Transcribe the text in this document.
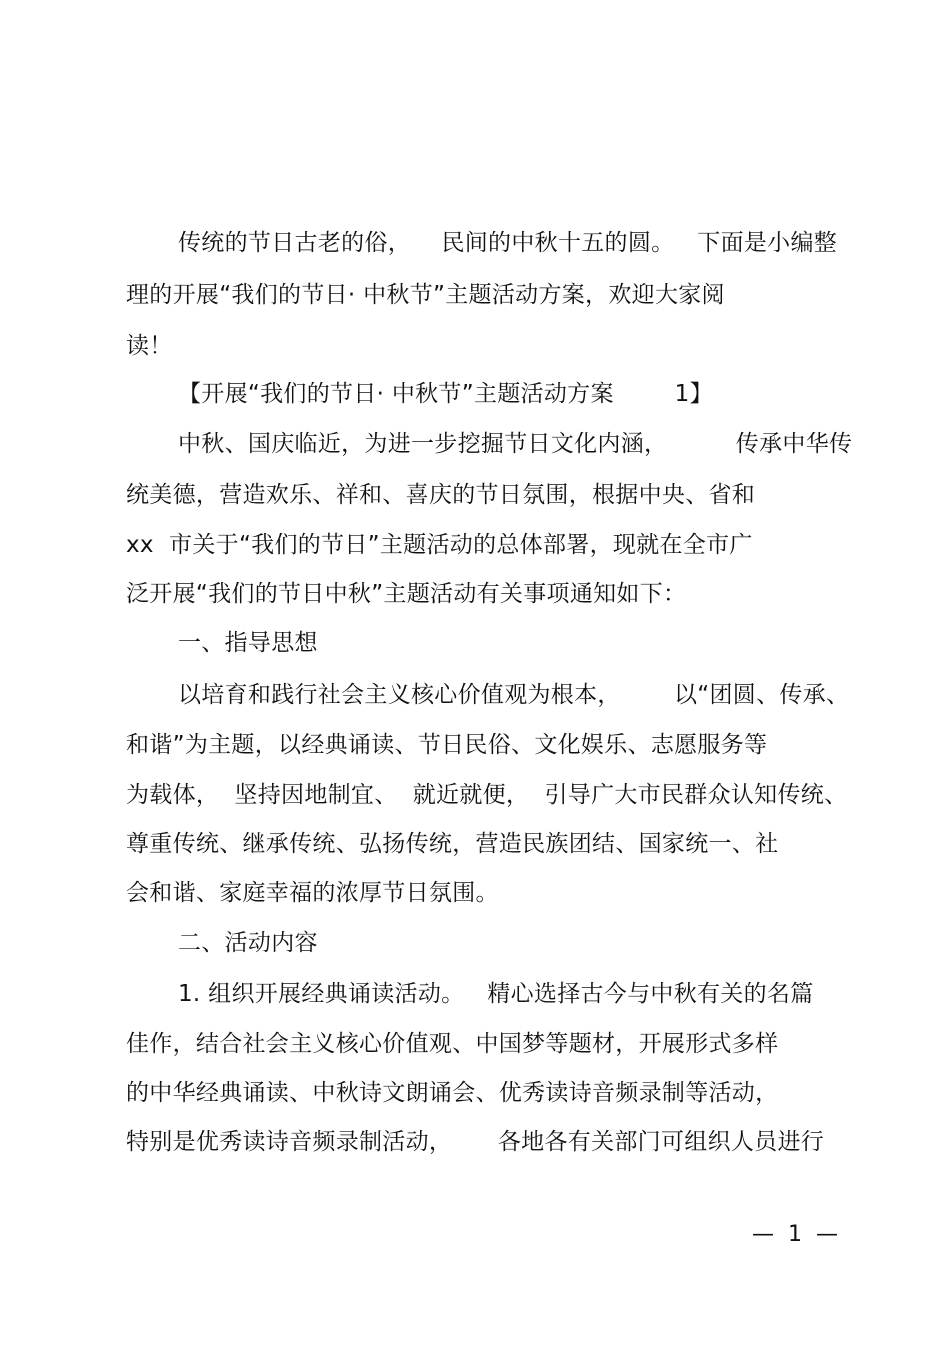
传统的节日古老的俗，    民间的中秋十五的圆。   下面是小编整
理的开展“我们的节日· 中秋节”主题活动方案，欢迎大家阅
读！
【开展“我们的节日· 中秋节”主题活动方案        1】
中秋、国庆临近，为进一步挖掘节日文化内涵，         传承中华传
统美德，营造欢乐、祥和、喜庆的节日氛围，根据中央、省和
xx  市关于“我们的节日”主题活动的总体部署，现就在全市广
泛开展“我们的节日中秋”主题活动有关事项通知如下：
一、指导思想
以培育和践行社会主义核心价值观为根本，       以“团圆、传承、
和谐”为主题，以经典诵读、节日民俗、文化娱乐、志愿服务等
为载体，  坚持因地制宜、  就近就便，  引导广大市民群众认知传统、
尊重传统、继承传统、弘扬传统，营造民族团结、国家统一、社
会和谐、家庭幸福的浓厚节日氛围。
二、活动内容
1. 组织开展经典诵读活动。   精心选择古今与中秋有关的名篇
佳作，结合社会主义核心价值观、中国梦等题材，开展形式多样
的中华经典诵读、中秋诗文朗诵会、优秀读诗音频录制等活动，
特别是优秀读诗音频录制活动，      各地各有关部门可组织人员进行
—  1  —
